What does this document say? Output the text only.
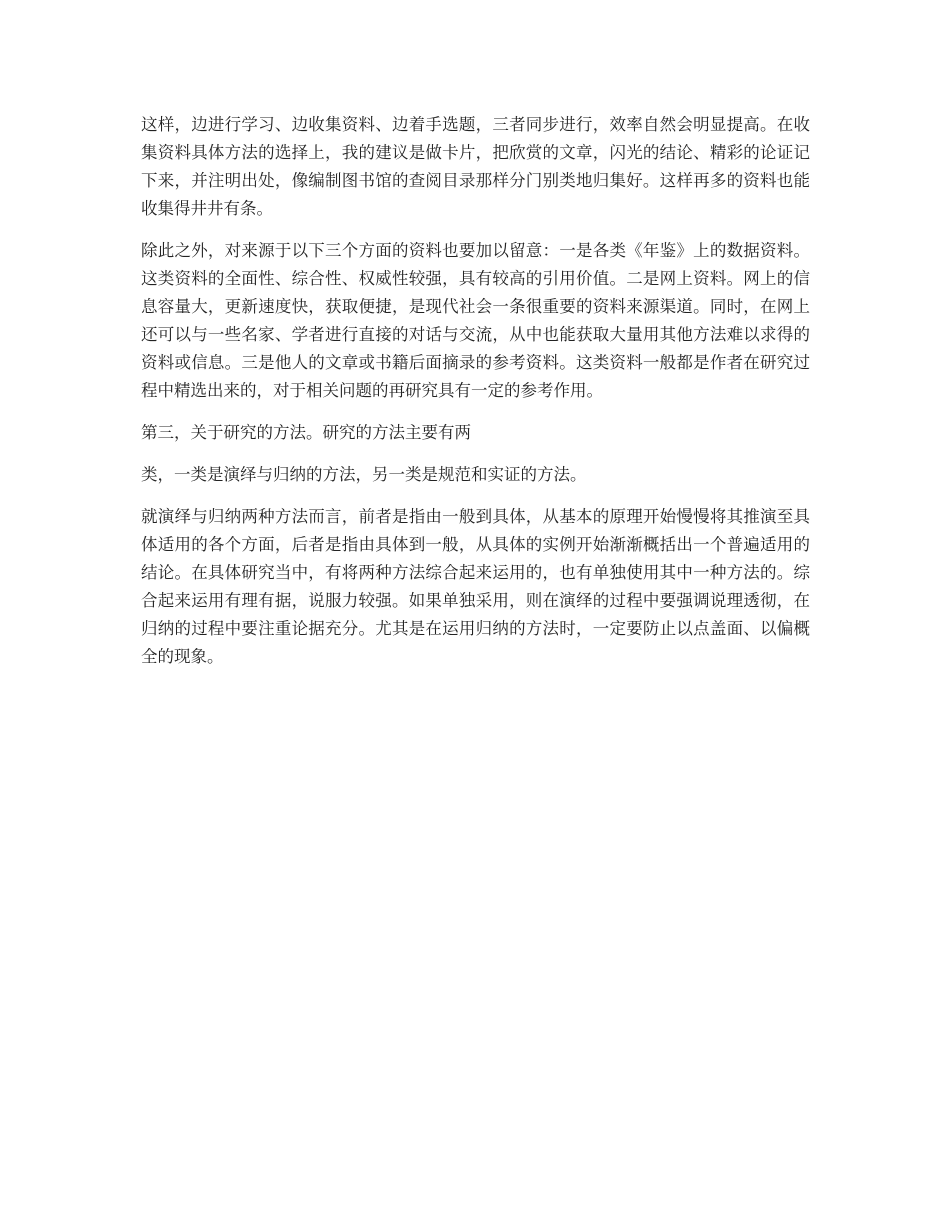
这样，边进行学习、边收集资料、边着手选题，三者同步进行，效率自然会明显提高。在收集资料具体方法的选择上，我的建议是做卡片，把欣赏的文章，闪光的结论、精彩的论证记下来，并注明出处，像编制图书馆的查阅目录那样分门别类地归集好。这样再多的资料也能收集得井井有条。

除此之外，对来源于以下三个方面的资料也要加以留意：一是各类《年鉴》上的数据资料。这类资料的全面性、综合性、权威性较强，具有较高的引用价值。二是网上资料。网上的信息容量大，更新速度快，获取便捷，是现代社会一条很重要的资料来源渠道。同时，在网上还可以与一些名家、学者进行直接的对话与交流，从中也能获取大量用其他方法难以求得的资料或信息。三是他人的文章或书籍后面摘录的参考资料。这类资料一般都是作者在研究过程中精选出来的，对于相关问题的再研究具有一定的参考作用。

第三，关于研究的方法。研究的方法主要有两

类，一类是演绎与归纳的方法，另一类是规范和实证的方法。

就演绎与归纳两种方法而言，前者是指由一般到具体，从基本的原理开始慢慢将其推演至具体适用的各个方面，后者是指由具体到一般，从具体的实例开始渐渐概括出一个普遍适用的结论。在具体研究当中，有将两种方法综合起来运用的，也有单独使用其中一种方法的。综合起来运用有理有据，说服力较强。如果单独采用，则在演绎的过程中要强调说理透彻，在归纳的过程中要注重论据充分。尤其是在运用归纳的方法时，一定要防止以点盖面、以偏概全的现象。
